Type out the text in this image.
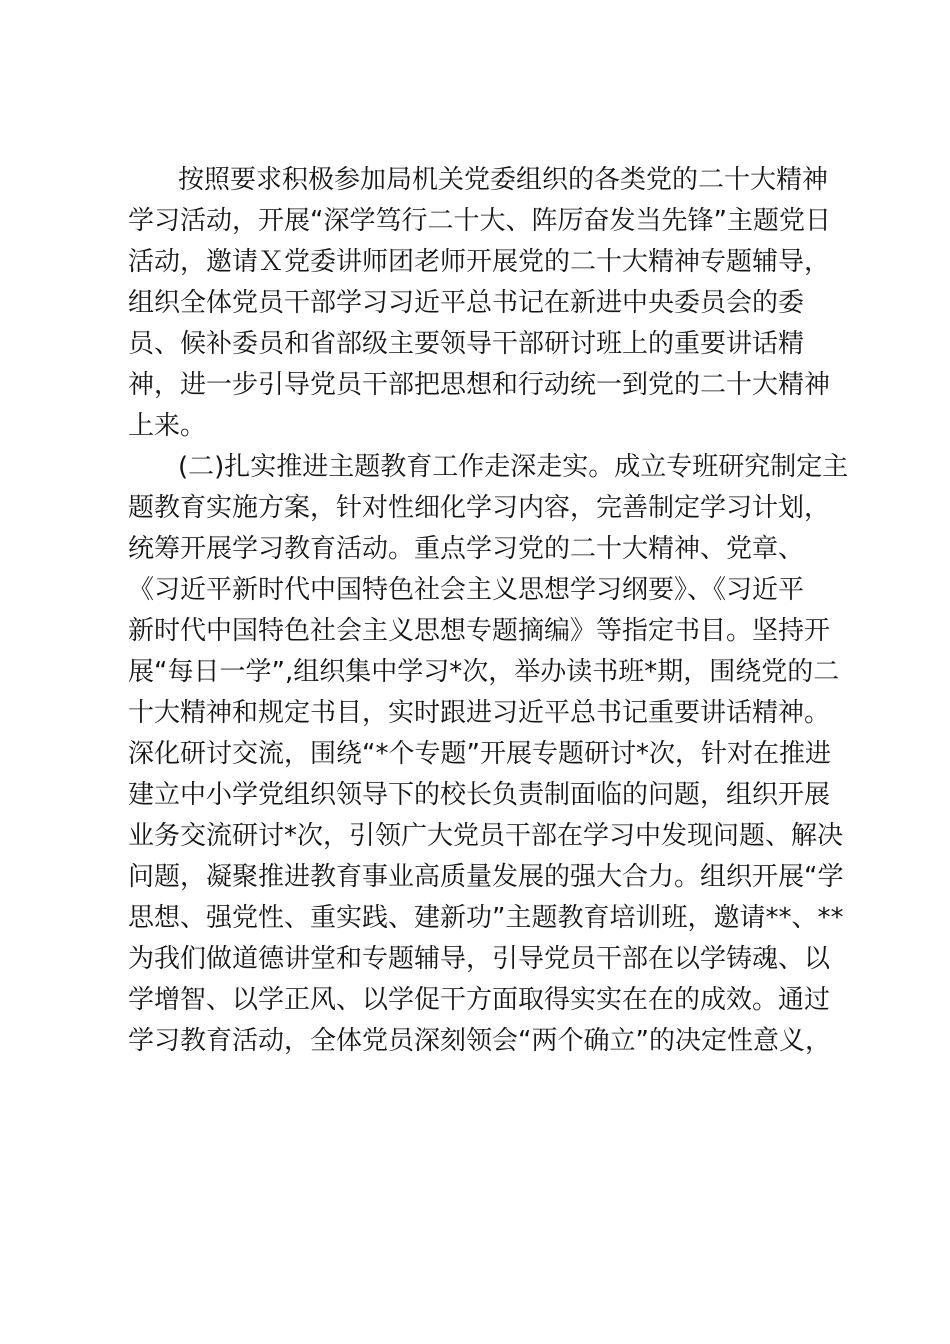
按照要求积极参加局机关党委组织的各类党的二十大精神
学习活动，开展“深学笃行二十大、阵厉奋发当先锋”主题党日
活动，邀请Ｘ党委讲师团老师开展党的二十大精神专题辅导，
组织全体党员干部学习习近平总书记在新进中央委员会的委
员、候补委员和省部级主要领导干部研讨班上的重要讲话精
神，进一步引导党员干部把思想和行动统一到党的二十大精神
上来。
(二)扎实推进主题教育工作走深走实。成立专班研究制定主
题教育实施方案，针对性细化学习内容，完善制定学习计划，
统筹开展学习教育活动。重点学习党的二十大精神、党章、
《习近平新时代中国特色社会主义思想学习纲要》、《习近平
新时代中国特色社会主义思想专题摘编》等指定书目。坚持开
展“每日一学”,组织集中学习*次，举办读书班*期，围绕党的二
十大精神和规定书目，实时跟进习近平总书记重要讲话精神。
深化研讨交流，围绕“*个专题”开展专题研讨*次，针对在推进
建立中小学党组织领导下的校长负责制面临的问题，组织开展
业务交流研讨*次，引领广大党员干部在学习中发现问题、解决
问题，凝聚推进教育事业高质量发展的强大合力。组织开展“学
思想、强党性、重实践、建新功”主题教育培训班，邀请**、**
为我们做道德讲堂和专题辅导，引导党员干部在以学铸魂、以
学增智、以学正风、以学促干方面取得实实在在的成效。通过
学习教育活动，全体党员深刻领会“两个确立”的决定性意义，
